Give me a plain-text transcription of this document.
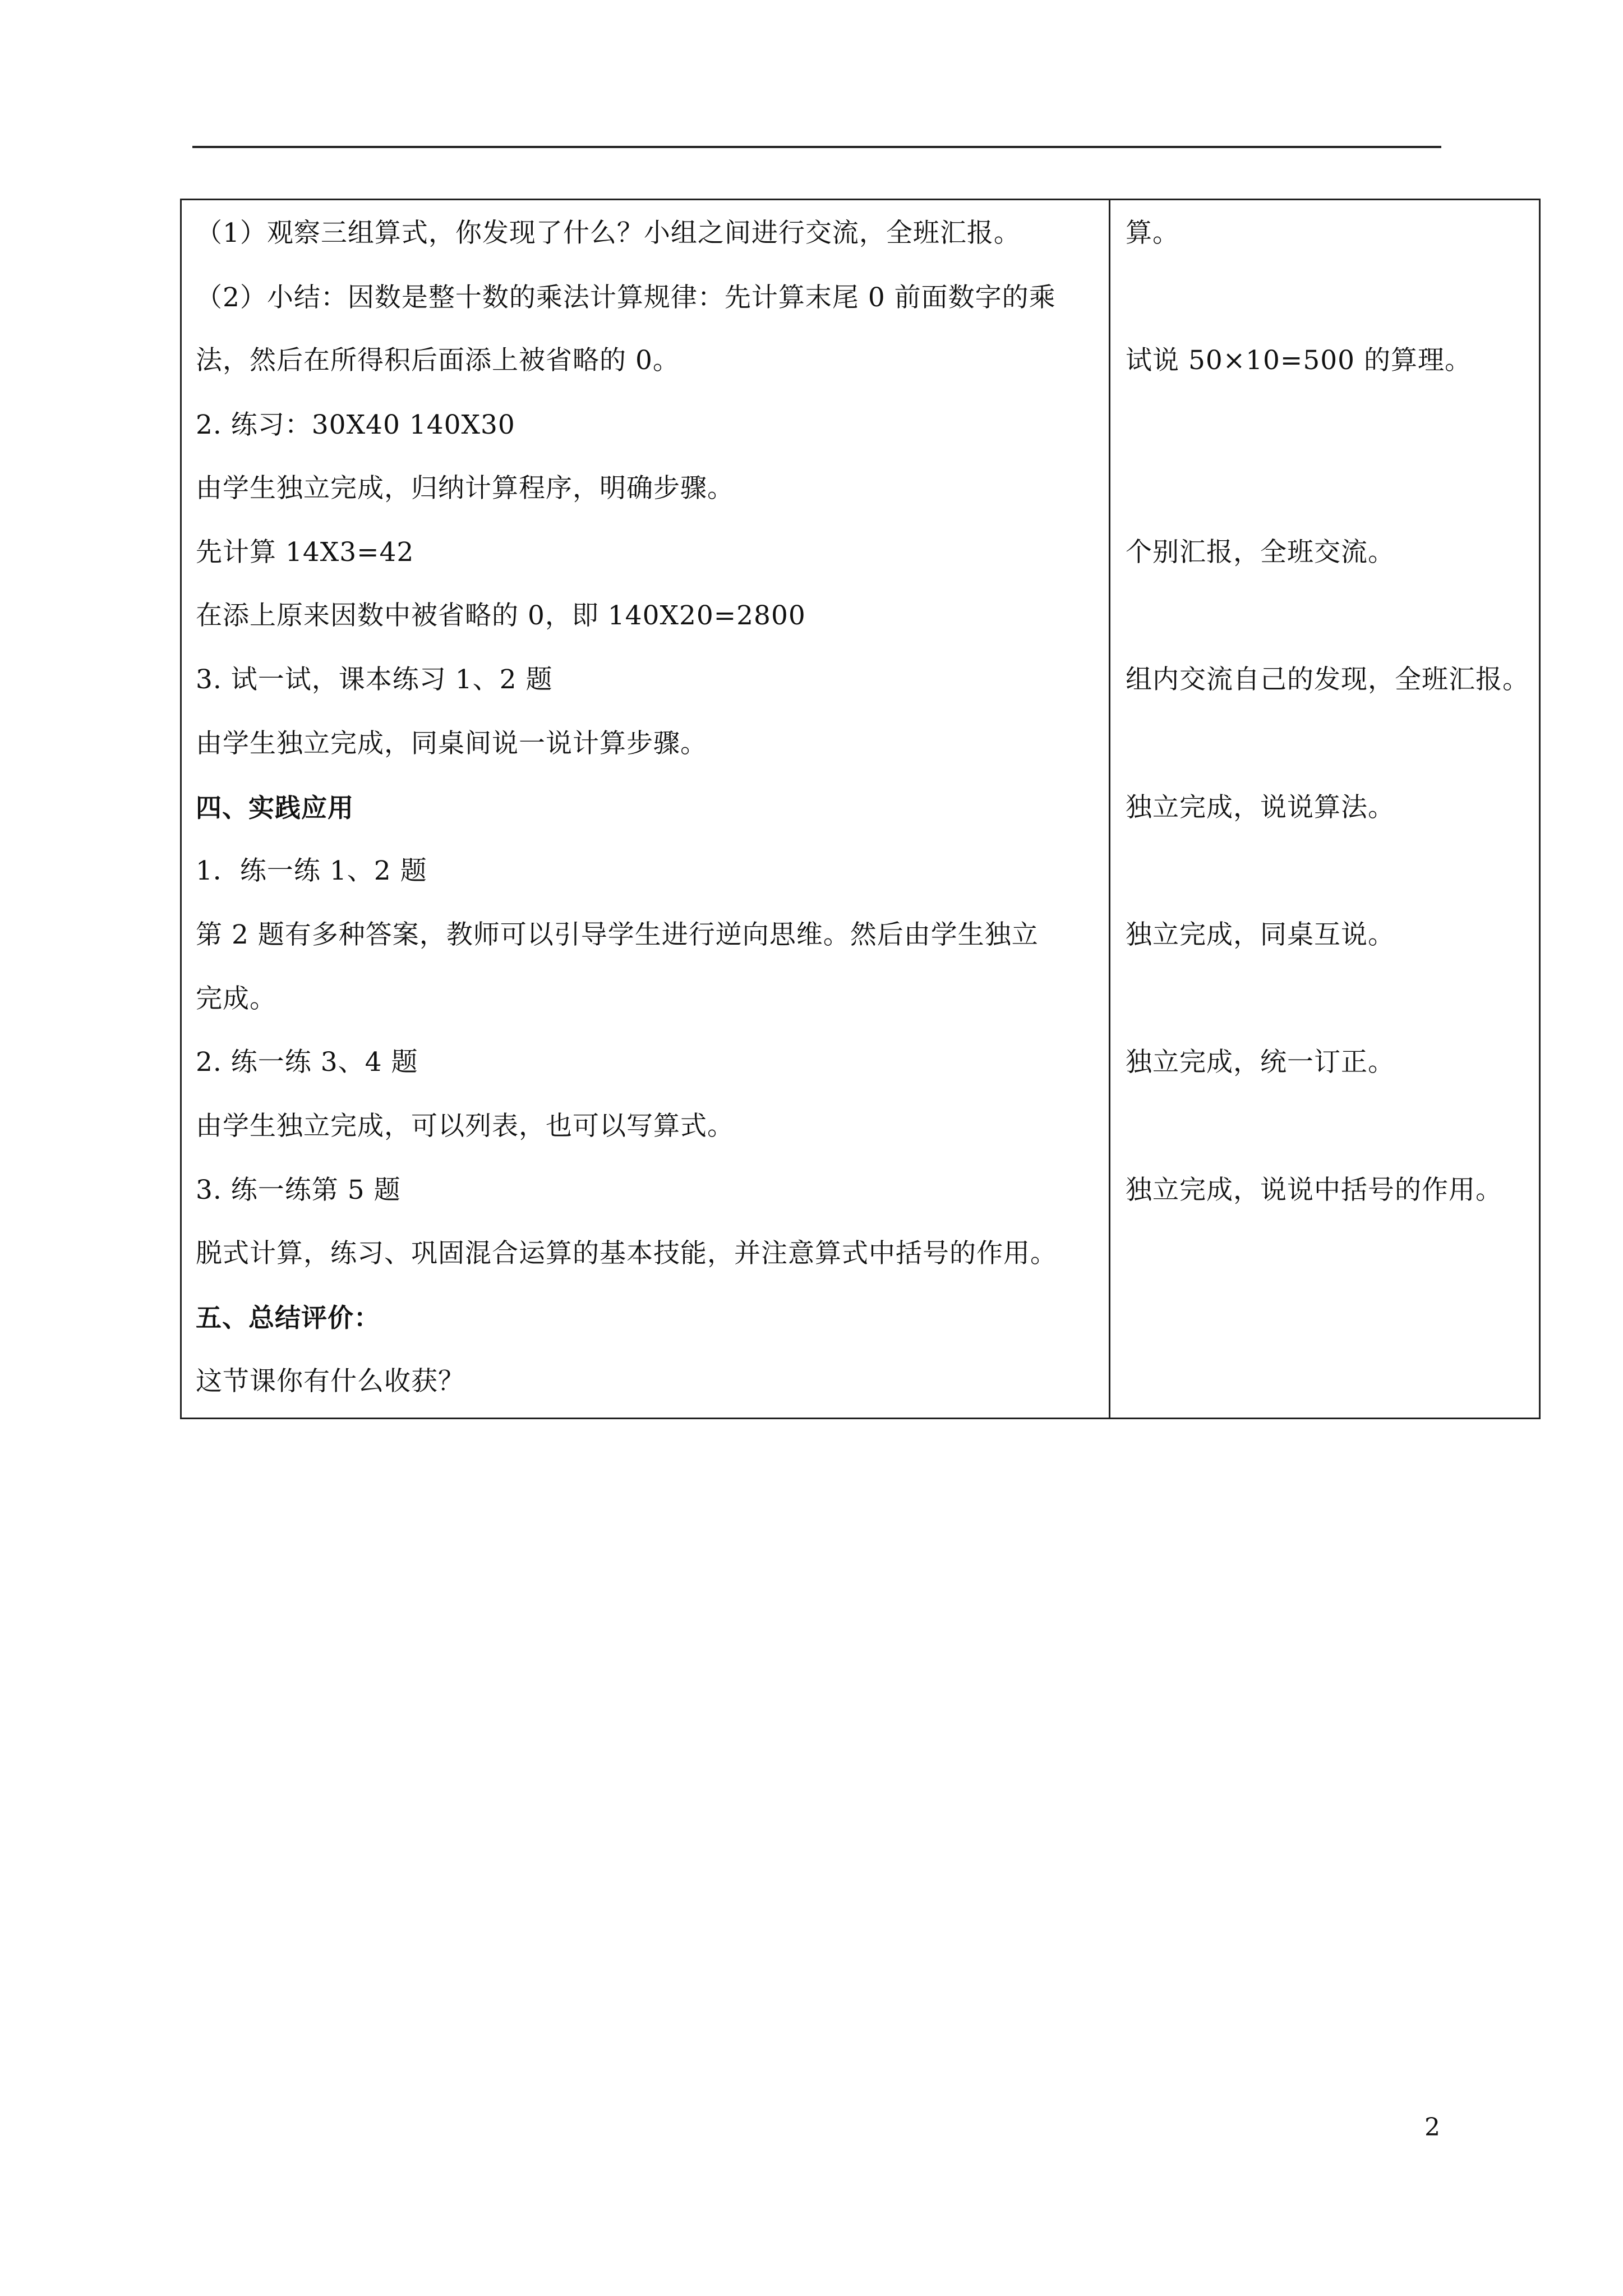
（1）观察三组算式，你发现了什么？小组之间进行交流，全班汇报。
（2）小结：因数是整十数的乘法计算规律：先计算末尾 0 前面数字的乘
法，然后在所得积后面添上被省略的 0。
2. 练习：30X40 140X30
由学生独立完成，归纳计算程序，明确步骤。
先计算 14X3=42
在添上原来因数中被省略的 0，即 140X20=2800
3. 试一试，课本练习 1、2 题
由学生独立完成，同桌间说一说计算步骤。
四、实践应用
1．练一练 1、2 题
第 2 题有多种答案，教师可以引导学生进行逆向思维。然后由学生独立
完成。
2. 练一练 3、4 题
由学生独立完成，可以列表，也可以写算式。
3. 练一练第 5 题
脱式计算，练习、巩固混合运算的基本技能，并注意算式中括号的作用。
五、总结评价：
这节课你有什么收获？
算。
试说 50×10=500 的算理。
个别汇报，全班交流。
组内交流自己的发现，全班汇报。
独立完成，说说算法。
独立完成，同桌互说。
独立完成，统一订正。
独立完成，说说中括号的作用。
2
